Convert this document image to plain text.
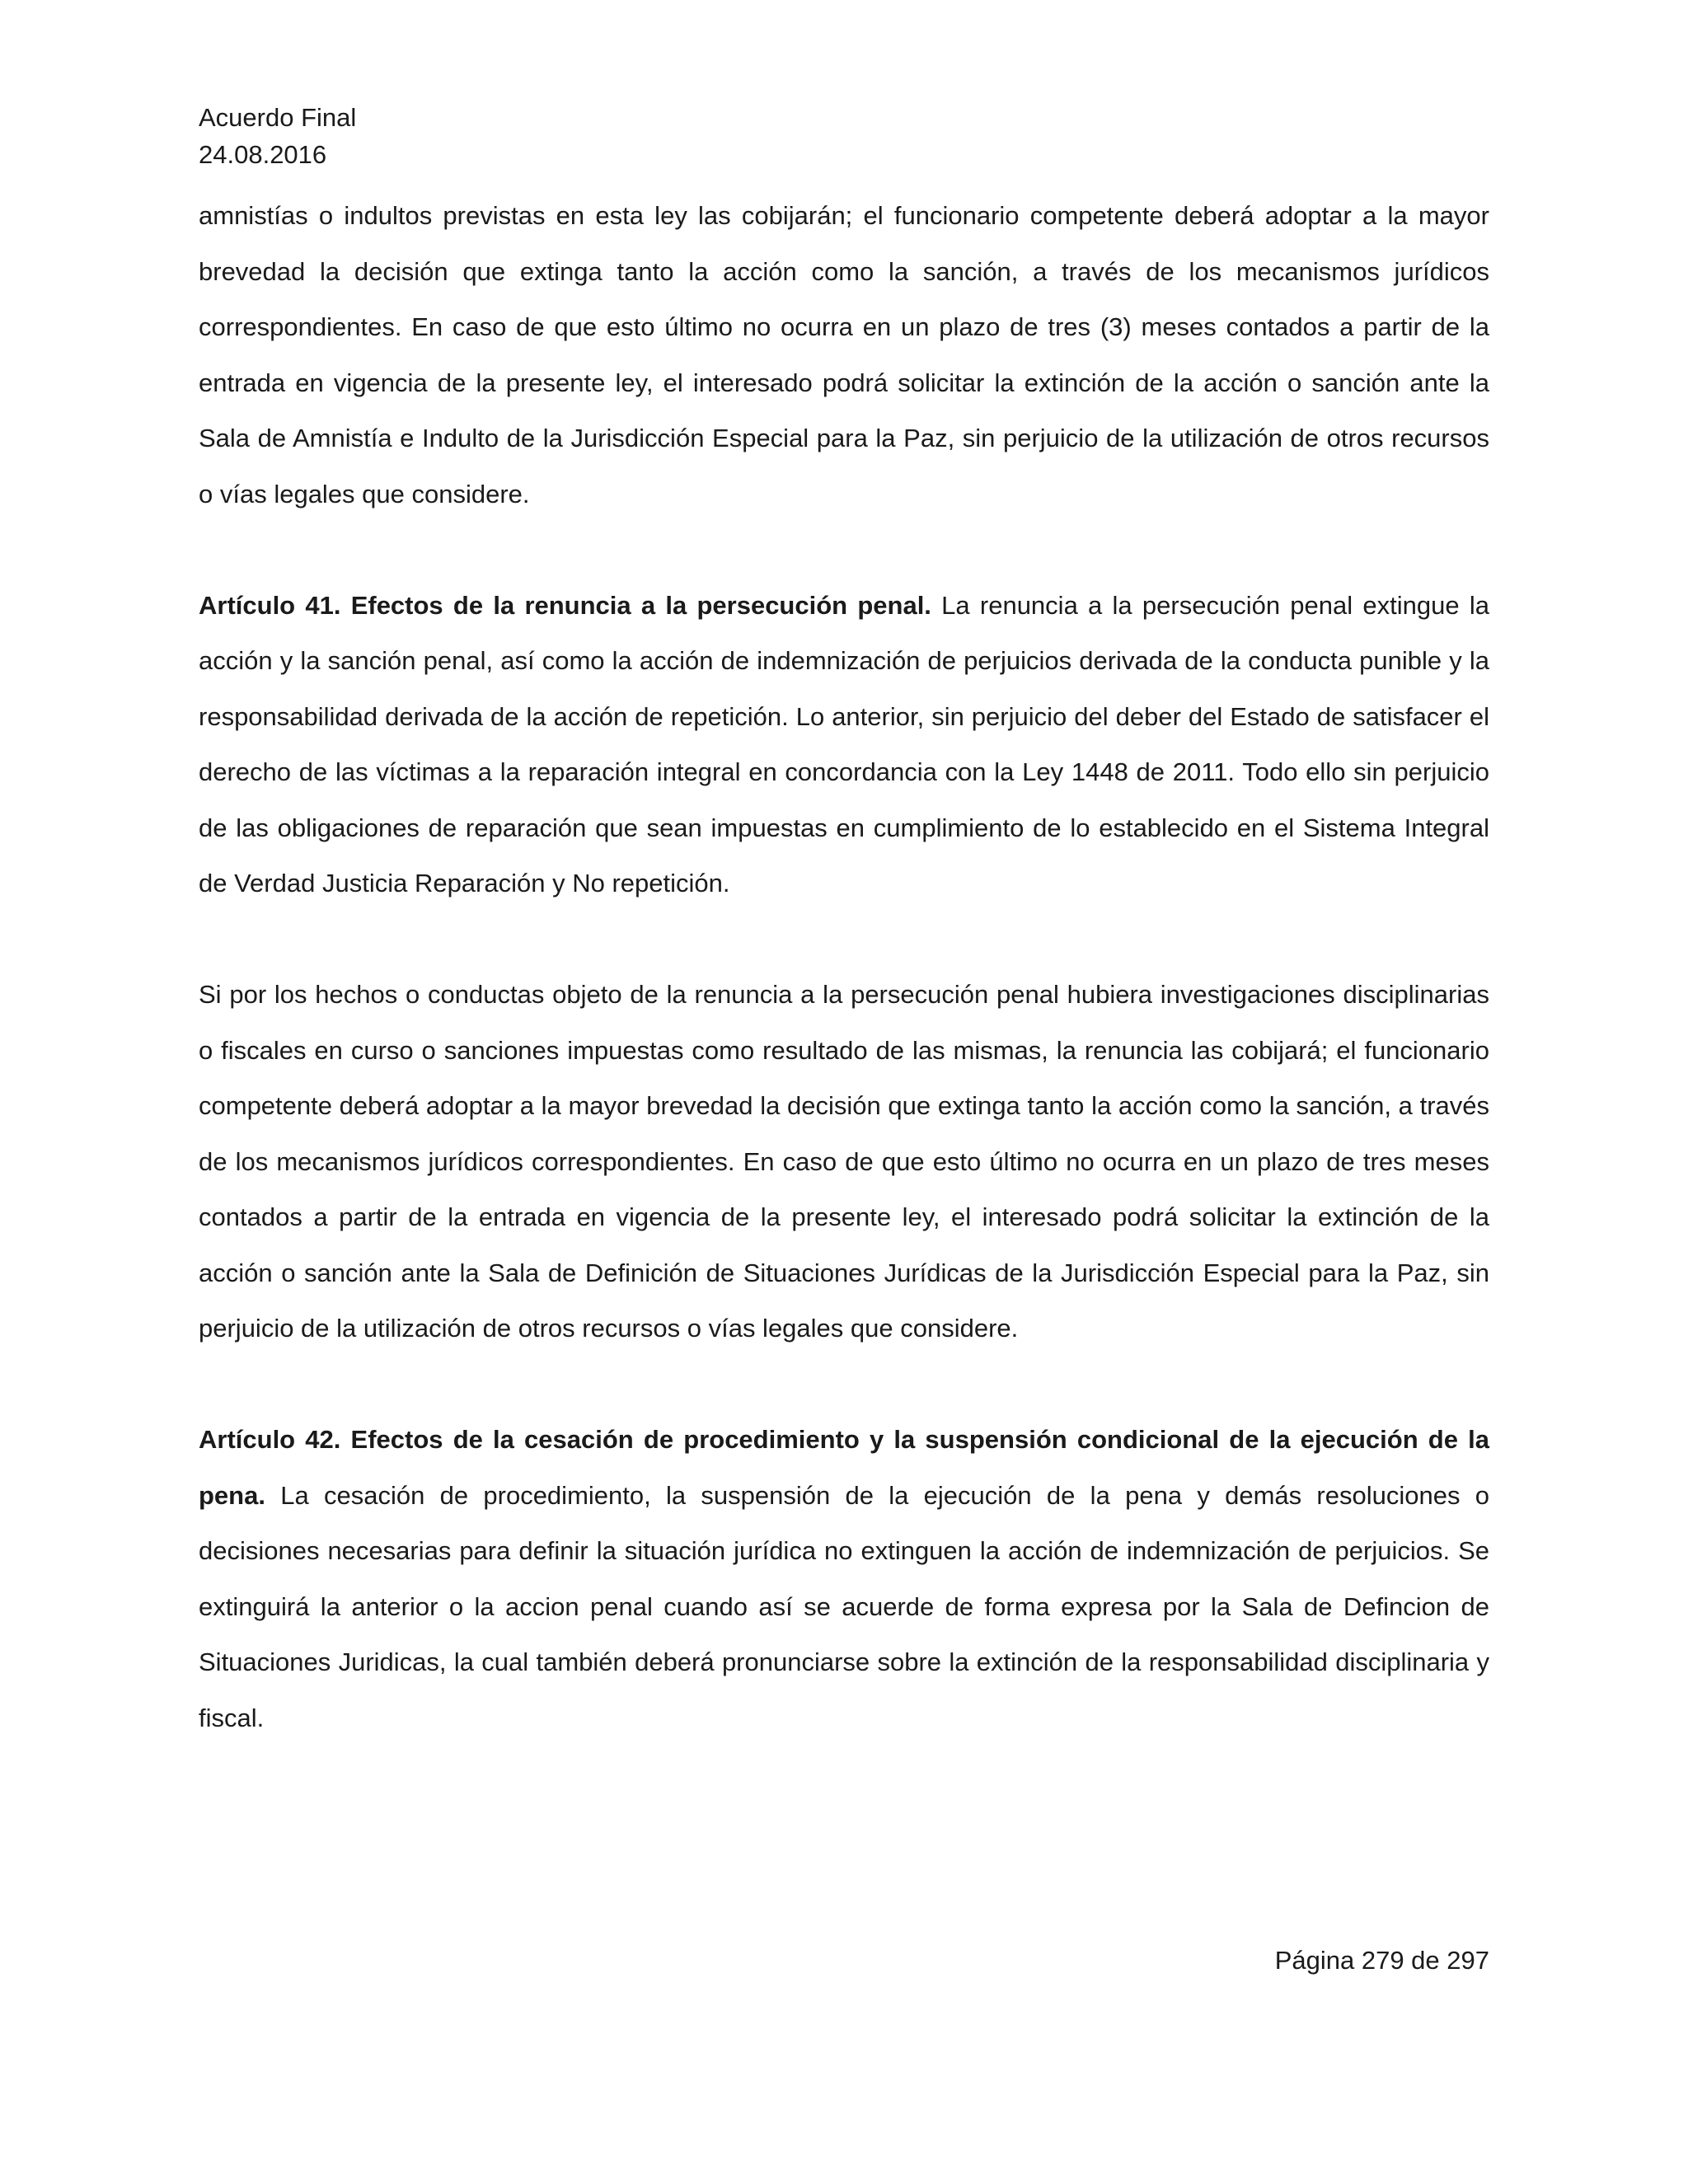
Acuerdo Final
24.08.2016

amnistías o indultos previstas en esta ley las cobijarán; el funcionario competente deberá adoptar a la mayor brevedad la decisión que extinga tanto la acción como la sanción, a través de los mecanismos jurídicos correspondientes. En caso de que esto último no ocurra en un plazo de tres (3) meses contados a partir de la entrada en vigencia de la presente ley, el interesado podrá solicitar la extinción de la acción o sanción ante la Sala de Amnistía e Indulto de la Jurisdicción Especial para la Paz, sin perjuicio de la utilización de otros recursos o vías legales que considere.

Artículo 41. Efectos de la renuncia a la persecución penal. La renuncia a la persecución penal extingue la acción y la sanción penal, así como la acción de indemnización de perjuicios derivada de la conducta punible y la responsabilidad derivada de la acción de repetición. Lo anterior, sin perjuicio del deber del Estado de satisfacer el derecho de las víctimas a la reparación integral en concordancia con la Ley 1448 de 2011. Todo ello sin perjuicio de las obligaciones de reparación que sean impuestas en cumplimiento de lo establecido en el Sistema Integral de Verdad Justicia Reparación y No repetición.

Si por los hechos o conductas objeto de la renuncia a la persecución penal hubiera investigaciones disciplinarias o fiscales en curso o sanciones impuestas como resultado de las mismas, la renuncia las cobijará; el funcionario competente deberá adoptar a la mayor brevedad la decisión que extinga tanto la acción como la sanción, a través de los mecanismos jurídicos correspondientes. En caso de que esto último no ocurra en un plazo de tres meses contados a partir de la entrada en vigencia de la presente ley, el interesado podrá solicitar la extinción de la acción o sanción ante la Sala de Definición de Situaciones Jurídicas de la Jurisdicción Especial para la Paz, sin perjuicio de la utilización de otros recursos o vías legales que considere.

Artículo 42. Efectos de la cesación de procedimiento y la suspensión condicional de la ejecución de la pena. La cesación de procedimiento, la suspensión de la ejecución de la pena y demás resoluciones o decisiones necesarias para definir la situación jurídica no extinguen la acción de indemnización de perjuicios. Se extinguirá la anterior o la accion penal cuando así se acuerde de forma expresa por la Sala de Defincion de Situaciones Juridicas, la cual también deberá pronunciarse sobre la extinción de la responsabilidad disciplinaria y fiscal.

Página 279 de 297
